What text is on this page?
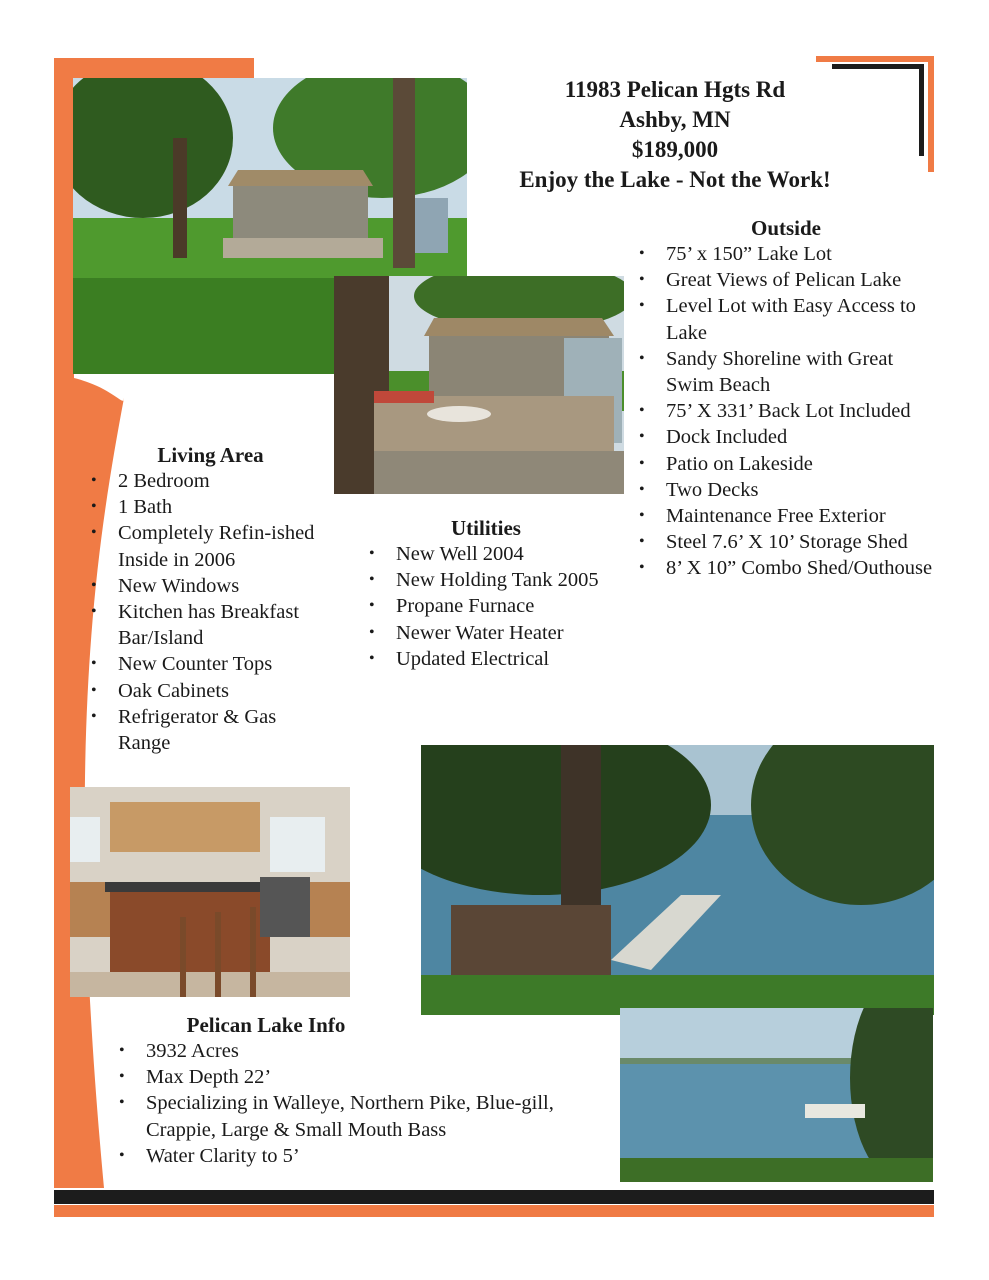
11983 Pelican Hgts Rd
Ashby, MN
$189,000
Enjoy the Lake - Not the Work!
Outside
• 75’ x 150” Lake Lot
• Great Views of Pelican Lake
• Level Lot with Easy Access to Lake
• Sandy Shoreline with Great Swim Beach
• 75’ X 331’ Back Lot Included
• Dock Included
• Patio on Lakeside
• Two Decks
• Maintenance Free Exterior
• Steel 7.6’ X 10’ Storage Shed
• 8’ X 10” Combo Shed/Outhouse
Living Area
• 2 Bedroom
• 1 Bath
• Completely Refin-ished Inside in 2006
• New Windows
• Kitchen has Breakfast Bar/Island
• New Counter Tops
• Oak Cabinets
• Refrigerator & Gas Range
Utilities
• New Well 2004
• New Holding Tank 2005
• Propane Furnace
• Newer Water Heater
• Updated Electrical
Pelican Lake Info
• 3932 Acres
• Max Depth 22’
• Specializing in Walleye, Northern Pike, Blue-gill, Crappie, Large & Small Mouth Bass
• Water Clarity to 5’
